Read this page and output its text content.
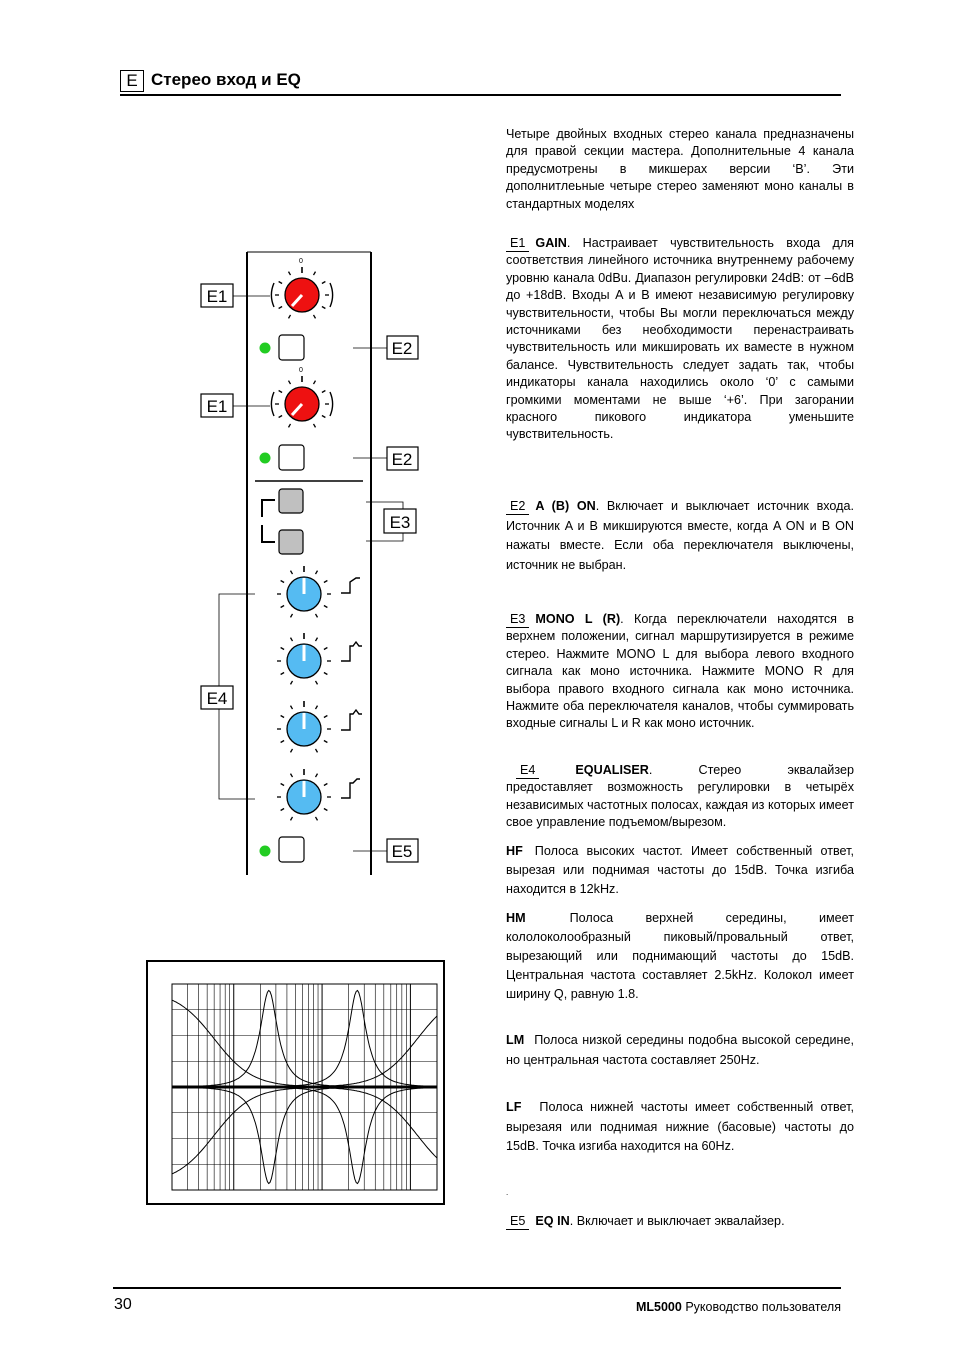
E Стерео вход и EQ
0
0
E1
E2
E1
E2
E3
E4
E5

Четыре двойных входных стерео канала предназначены для правой секции мастера. Дополнительные 4 канала предусмотрены в микшерах версии ‘B’. Эти дополнитлеьные четыре стерео заменяют моно каналы в стандартных моделях

E1 GAIN. Настраивает чувствительность входа для соответствия линейного источника внутреннему рабочему уровню канала 0dBu. Диапазон регулировки 24dB: от –6dB до +18dB. Входы A и B имеют независимую регулировку чувствительности, чтобы Вы могли переключаться между источниками без необходимости перенастраивать чувствительность или микшировать их ваместе в нужном балансе. Чувствительность следует задать так, чтобы индикаторы канала находились около ‘0’ с самыми громкими моментами не выше ‘+6’. При загорании красного пикового индикатора уменьшите чувствительность.

E2 A (B) ON. Включает и выключает источник входа. Источник A и B микшируются вместе, когда A ON и B ON нажаты вместе. Если оба переключателя выключены, источник не выбран.

E3 MONO L (R). Когда переключатели находятся в верхнем положении, сигнал маршрутизируется в режиме стерео. Нажмите MONO L для выбора левого входного сигнала как моно источника. Нажмите MONO R для выбора правого входного сигнала как моно источника. Нажмите оба переключателя каналов, чтобы суммировать входные сигналы L и R как моно источник.

E4	EQUALISER. Стерео эквалайзер предоставляет возможность регулировки в четырёх независимых частотных полосах, каждая из которых имеет свое управление подъемом/вырезом.

HF Полоса высоких частот. Имеет собственный ответ, вырезая или поднимая частоты до 15dB. Точка изгиба находится в 12kHz.

HM	Полоса верхней середины, имеет кололоколообразный пиковый/провальный ответ, вырезающий или поднимающий частоты до 15dB. Центральная частота составляет 2.5kHz. Колокол имеет ширину Q, равную 1.8.

LM Полоса низкой середины подобна высокой середине, но центральная частота составляет 250Hz.

LF Полоса нижней частоты имеет собственный ответ, вырезаяя или поднимая нижние (басовые) частоты до 15dB. Точка изгиба находится на 60Hz.

.

E5 EQ IN. Включает и выключает эквалайзер.

30	ML5000 Руководство пользователя
